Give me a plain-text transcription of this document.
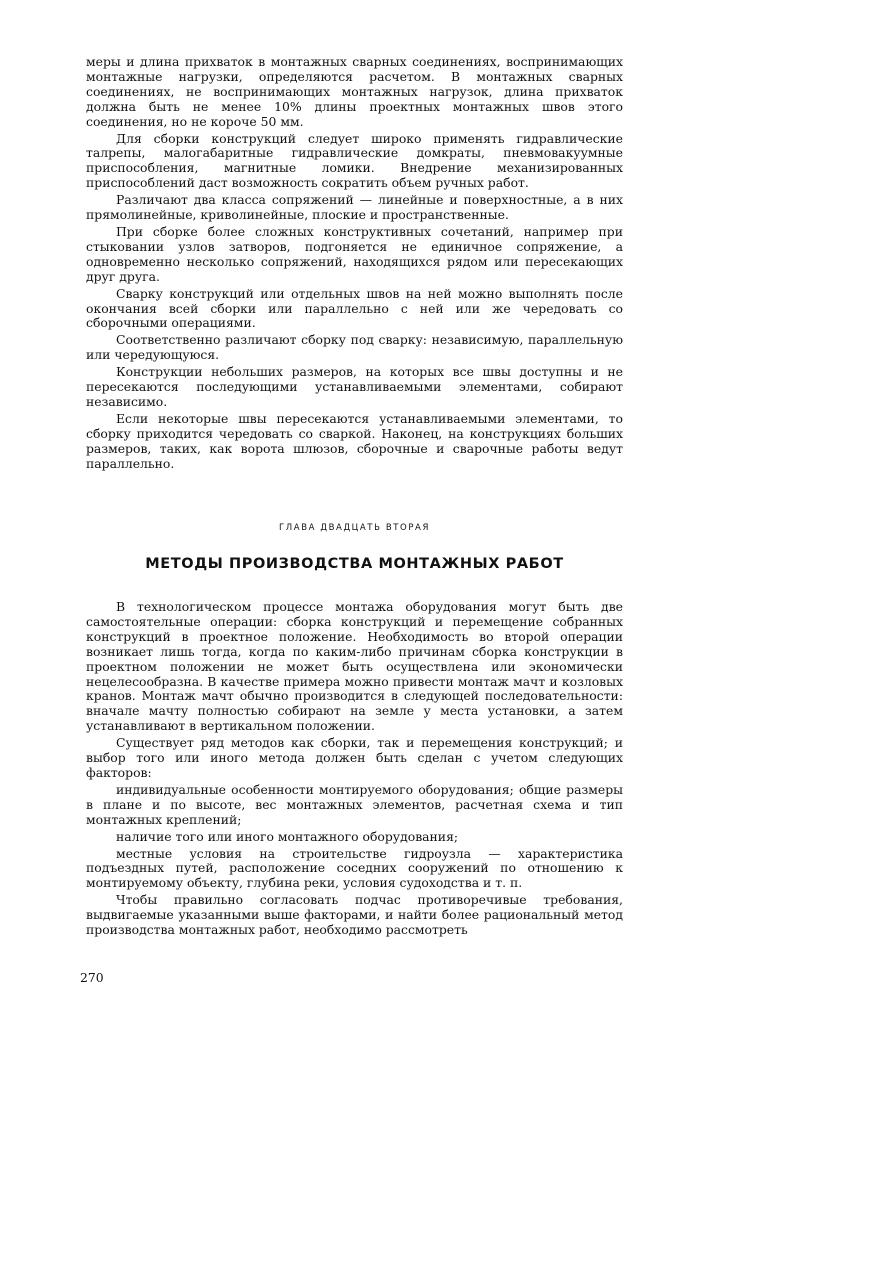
меры и длина прихваток в монтажных сварных соединениях, воспринимающих монтажные нагрузки, определяются расчетом. В монтажных сварных соединениях, не воспринимающих монтажных нагрузок, длина прихваток должна быть не менее 10% длины проектных монтажных швов этого соединения, но не короче 50 мм.

Для сборки конструкций следует широко применять гидравлические талрепы, малогабаритные гидравлические домкраты, пневмовакуумные приспособления, магнитные ломики. Внедрение механизированных приспособлений даст возможность сократить объем ручных работ.

Различают два класса сопряжений — линейные и поверхностные, а в них прямолинейные, криволинейные, плоские и пространственные.

При сборке более сложных конструктивных сочетаний, например при стыковании узлов затворов, подгоняется не единичное сопряжение, а одновременно несколько сопряжений, находящихся рядом или пересекающих друг друга.

Сварку конструкций или отдельных швов на ней можно выполнять после окончания всей сборки или параллельно с ней или же чередовать со сборочными операциями.

Соответственно различают сборку под сварку: независимую, параллельную или чередующуюся.

Конструкции небольших размеров, на которых все швы доступны и не пересекаются последующими устанавливаемыми элементами, собирают независимо.

Если некоторые швы пересекаются устанавливаемыми элементами, то сборку приходится чередовать со сваркой. Наконец, на конструкциях больших размеров, таких, как ворота шлюзов, сборочные и сварочные работы ведут параллельно.

ГЛАВА ДВАДЦАТЬ ВТОРАЯ
МЕТОДЫ ПРОИЗВОДСТВА МОНТАЖНЫХ РАБОТ

В технологическом процессе монтажа оборудования могут быть две самостоятельные операции: сборка конструкций и перемещение собранных конструкций в проектное положение. Необходимость во второй операции возникает лишь тогда, когда по каким-либо причинам сборка конструкции в проектном положении не может быть осуществлена или экономически нецелесообразна. В качестве примера можно привести монтаж мачт и козловых кранов. Монтаж мачт обычно производится в следующей последовательности: вначале мачту полностью собирают на земле у места установки, а затем устанавливают в вертикальном положении.

Существует ряд методов как сборки, так и перемещения конструкций; и выбор того или иного метода должен быть сделан с учетом следующих факторов:

индивидуальные особенности монтируемого оборудования; общие размеры в плане и по высоте, вес монтажных элементов, расчетная схема и тип монтажных креплений;

наличие того или иного монтажного оборудования;

местные условия на строительстве гидроузла — характеристика подъездных путей, расположение соседних сооружений по отношению к монтируемому объекту, глубина реки, условия судоходства и т. п.

Чтобы правильно согласовать подчас противоречивые требования, выдвигаемые указанными выше факторами, и найти более рациональный метод производства монтажных работ, необходимо рассмотреть

270
